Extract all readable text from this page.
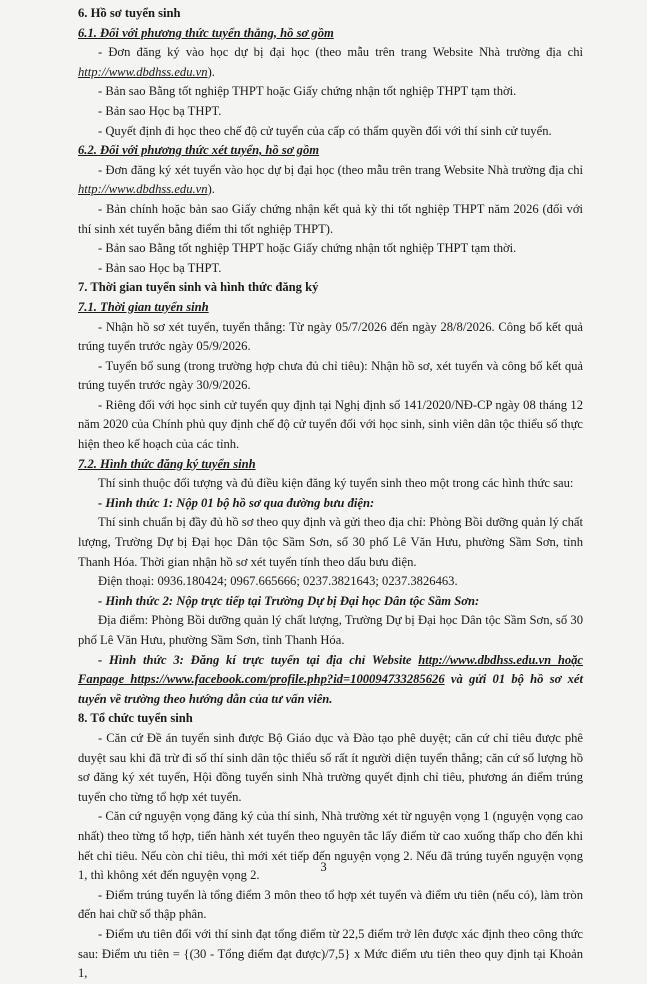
6. Hồ sơ tuyển sinh

6.1. Đối với phương thức tuyển thẳng, hồ sơ gồm

- Đơn đăng ký vào học dự bị đại học (theo mẫu trên trang Website Nhà trường địa chỉ http://www.dbdhss.edu.vn).

- Bản sao Bằng tốt nghiệp THPT hoặc Giấy chứng nhận tốt nghiệp THPT tạm thời.

- Bản sao Học bạ THPT.

- Quyết định đi học theo chế độ cử tuyển của cấp có thẩm quyền đối với thí sinh cử tuyển.

6.2. Đối với phương thức xét tuyển, hồ sơ gồm

- Đơn đăng ký xét tuyển vào học dự bị đại học (theo mẫu trên trang Website Nhà trường địa chỉ http://www.dbdhss.edu.vn).

- Bản chính hoặc bản sao Giấy chứng nhận kết quả kỳ thi tốt nghiệp THPT năm 2026 (đối với thí sinh xét tuyển bằng điểm thi tốt nghiệp THPT).

- Bản sao Bằng tốt nghiệp THPT hoặc Giấy chứng nhận tốt nghiệp THPT tạm thời.

- Bản sao Học bạ THPT.

7. Thời gian tuyển sinh và hình thức đăng ký

7.1. Thời gian tuyển sinh

- Nhận hồ sơ xét tuyển, tuyển thẳng: Từ ngày 05/7/2026 đến ngày 28/8/2026. Công bố kết quả trúng tuyển trước ngày 05/9/2026.

- Tuyển bổ sung (trong trường hợp chưa đủ chỉ tiêu): Nhận hồ sơ, xét tuyển và công bố kết quả trúng tuyển trước ngày 30/9/2026.

- Riêng đối với học sinh cử tuyển quy định tại Nghị định số 141/2020/NĐ-CP ngày 08 tháng 12 năm 2020 của Chính phủ quy định chế độ cử tuyển đối với học sinh, sinh viên dân tộc thiểu số thực hiện theo kế hoạch của các tỉnh.

7.2. Hình thức đăng ký tuyển sinh

Thí sinh thuộc đối tượng và đủ điều kiện đăng ký tuyển sinh theo một trong các hình thức sau:

- Hình thức 1: Nộp 01 bộ hồ sơ qua đường bưu điện:

Thí sinh chuẩn bị đầy đủ hồ sơ theo quy định và gửi theo địa chỉ: Phòng Bồi dưỡng quản lý chất lượng, Trường Dự bị Đại học Dân tộc Sầm Sơn, số 30 phố Lê Văn Hưu, phường Sầm Sơn, tỉnh Thanh Hóa. Thời gian nhận hồ sơ xét tuyển tính theo dấu bưu điện.

Điện thoại: 0936.180424; 0967.665666; 0237.3821643; 0237.3826463.

- Hình thức 2: Nộp trực tiếp tại Trường Dự bị Đại học Dân tộc Sầm Sơn:

Địa điểm: Phòng Bồi dưỡng quản lý chất lượng, Trường Dự bị Đại học Dân tộc Sầm Sơn, số 30 phố Lê Văn Hưu, phường Sầm Sơn, tỉnh Thanh Hóa.

- Hình thức 3: Đăng kí trực tuyến tại địa chỉ Website http://www.dbdhss.edu.vn hoặc Fanpage https://www.facebook.com/profile.php?id=100094733285626 và gửi 01 bộ hồ sơ xét tuyển về trường theo hướng dẫn của tư vấn viên.

8. Tổ chức tuyển sinh

- Căn cứ Đề án tuyển sinh được Bộ Giáo dục và Đào tạo phê duyệt; căn cứ chỉ tiêu được phê duyệt sau khi đã trừ đi số thí sinh dân tộc thiểu số rất ít người diện tuyển thẳng; căn cứ số lượng hồ sơ đăng ký xét tuyển, Hội đồng tuyển sinh Nhà trường quyết định chỉ tiêu, phương án điểm trúng tuyển cho từng tổ hợp xét tuyển.

- Căn cứ nguyện vọng đăng ký của thí sinh, Nhà trường xét từ nguyện vọng 1 (nguyện vọng cao nhất) theo từng tổ hợp, tiến hành xét tuyển theo nguyên tắc lấy điểm từ cao xuống thấp cho đến khi hết chỉ tiêu. Nếu còn chỉ tiêu, thì mới xét tiếp đến nguyện vọng 2. Nếu đã trúng tuyển nguyện vọng 1, thì không xét đến nguyện vọng 2.

- Điểm trúng tuyển là tổng điểm 3 môn theo tổ hợp xét tuyển và điểm ưu tiên (nếu có), làm tròn đến hai chữ số thập phân.

- Điểm ưu tiên đối với thí sinh đạt tổng điểm từ 22,5 điểm trở lên được xác định theo công thức sau: Điểm ưu tiên = {(30 - Tổng điểm đạt được)/7,5} x Mức điểm ưu tiên theo quy định tại Khoản 1,

3
